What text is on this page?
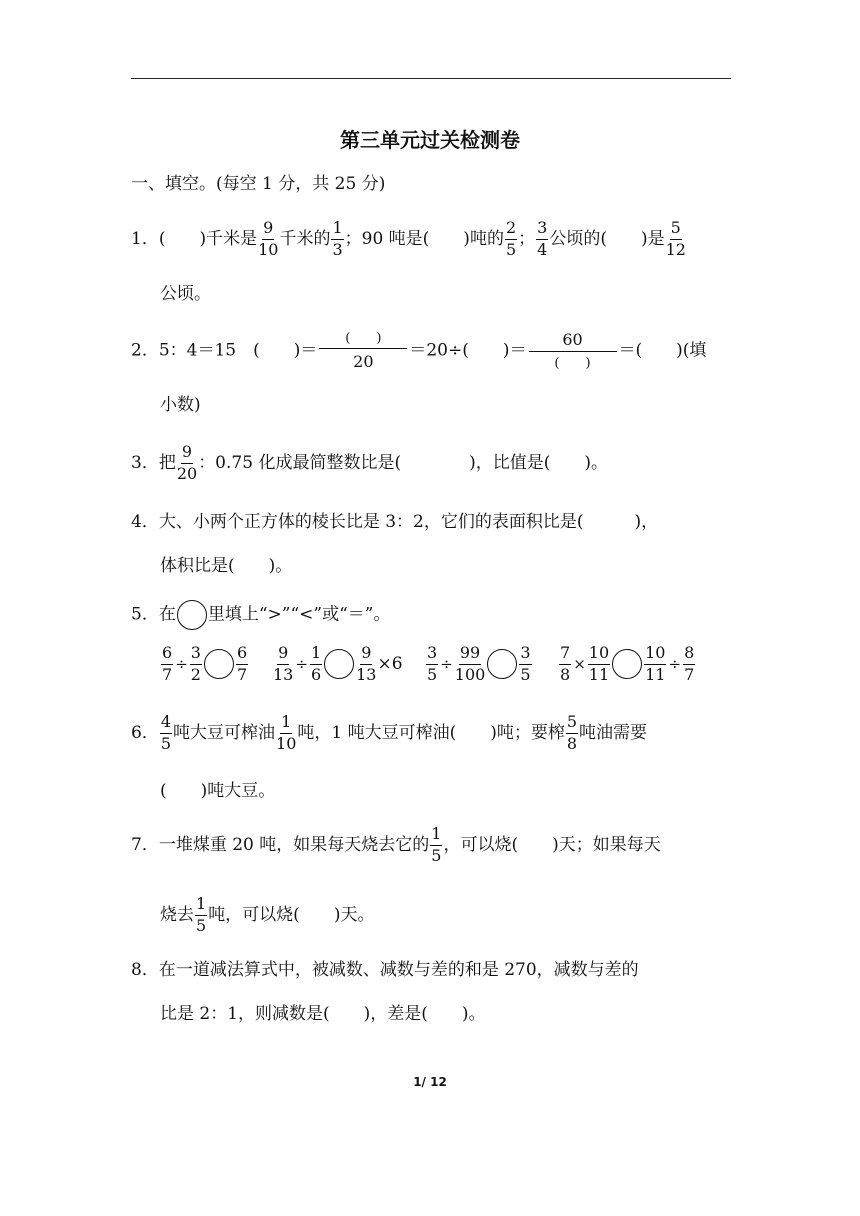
第三单元过关检测卷
一、填空。(每空 1 分，共 25 分)
1．(　　)千米是 $\frac{9}{10}$ 千米的 $\frac{1}{3}$ ；90 吨是(　　)吨的 $\frac{2}{5}$ ； $\frac{3}{4}$ 公顷的(　　)是 $\frac{5}{12}$
公顷。
2．5：4＝15　(　　)＝
(　　)
20
＝20÷(　　)＝
60
(　　)
＝(　　)(填
小数)
3．把 $\frac{9}{20}$ ：0.75 化成最简整数比是(　　　　)，比值是(　　)。
4．大、小两个正方体的棱长比是 3：2，它们的表面积比是(　　　)，
体积比是(　　)。
5．在 里填上“>”“<”或“＝”。
$\frac{6}{7} \div \frac{3}{2} \frac{6}{7} \frac{9}{13} \div \frac{1}{6} \frac{9}{13} \times 6 \frac{3}{5} \div \frac{99}{100} \frac{3}{5} \frac{7}{8} \times \frac{10}{11} \frac{10}{11} \div \frac{8}{7}$
6． $\frac{4}{5}$ 吨大豆可榨油 $\frac{1}{10}$ 吨，1 吨大豆可榨油(　　)吨；要榨 $\frac{5}{8}$ 吨油需要
(　　)吨大豆。
7．一堆煤重 20 吨，如果每天烧去它的 $\frac{1}{5}$ ，可以烧(　　)天；如果每天
烧去 $\frac{1}{5}$ 吨，可以烧(　　)天。
8．在一道减法算式中，被减数、减数与差的和是 270，减数与差的
比是 2：1，则减数是(　　)，差是(　　)。
1/ 12
